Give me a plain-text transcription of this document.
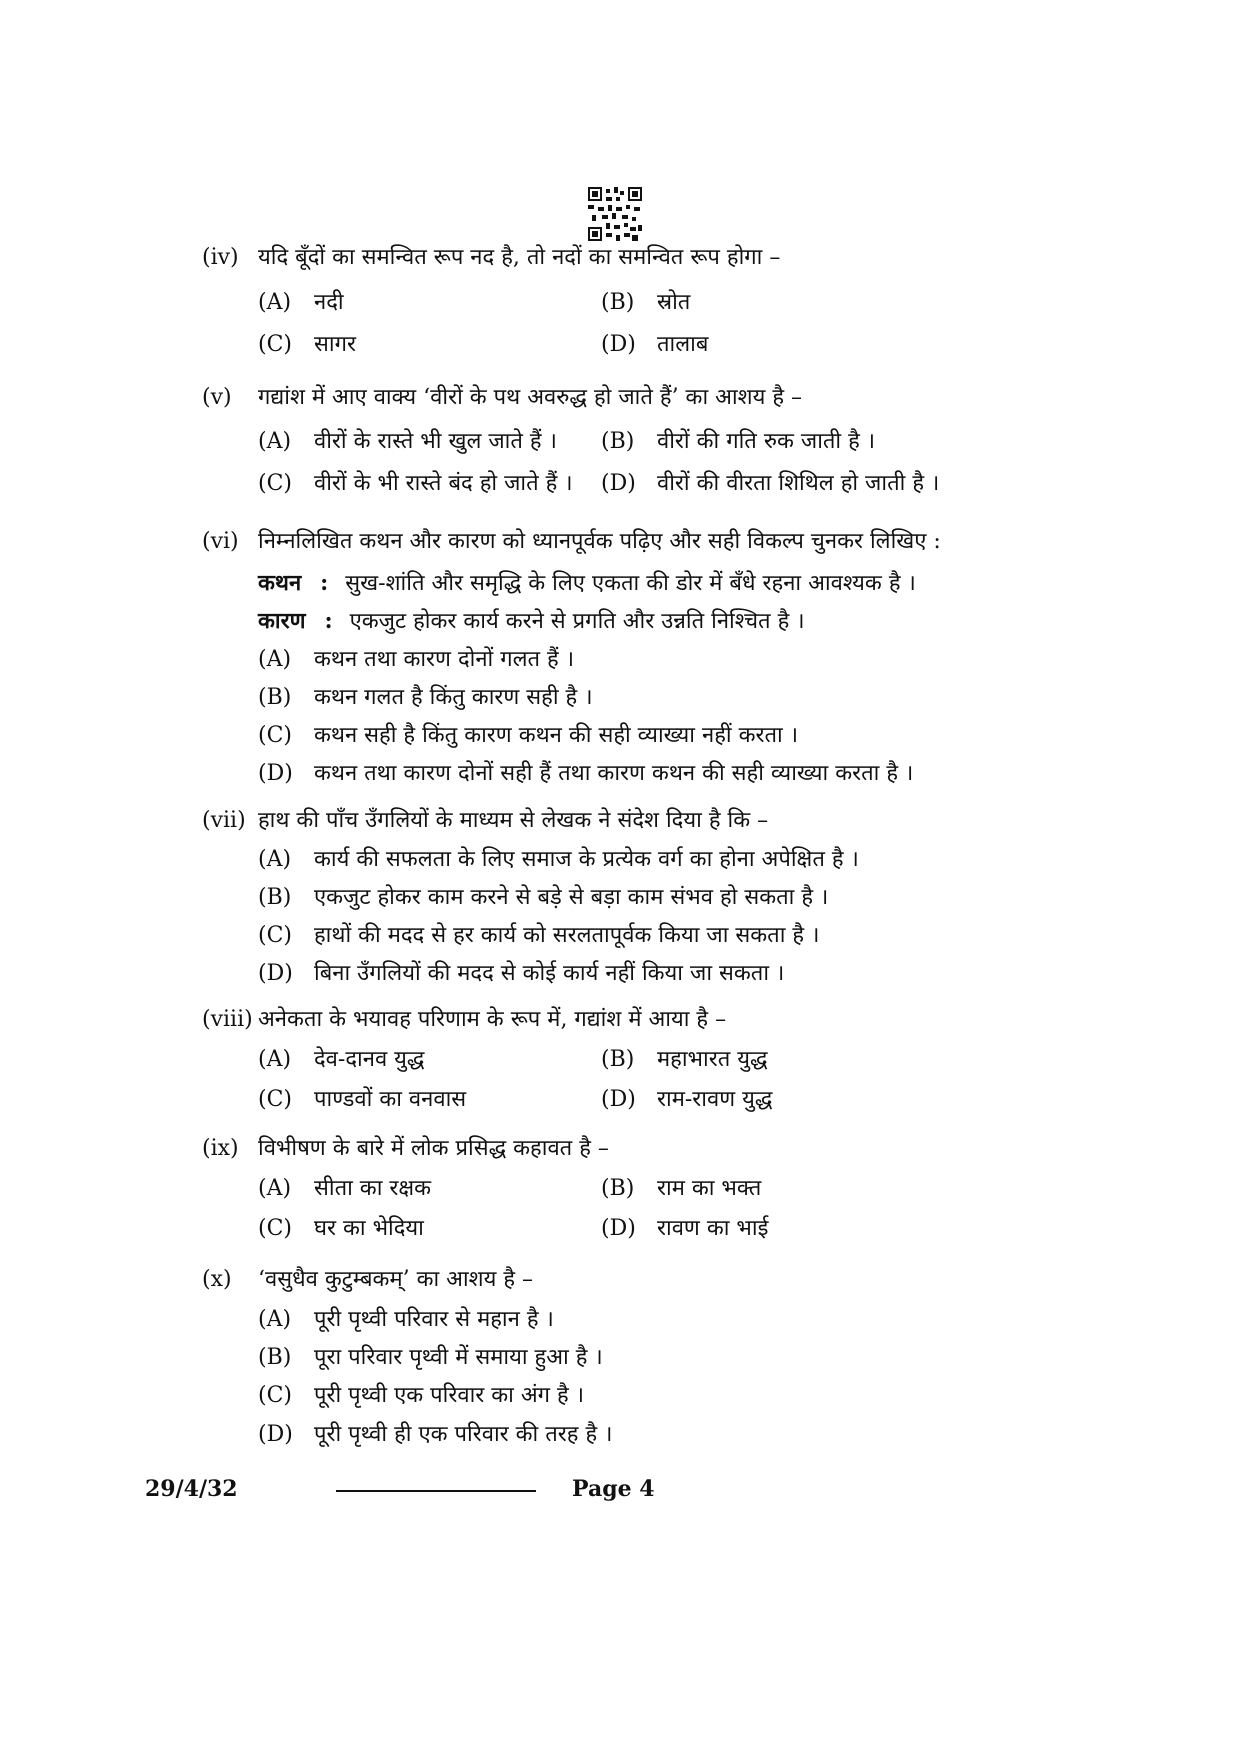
(iv) यदि बूँदों का समन्वित रूप नद है, तो नदों का समन्वित रूप होगा –
(A) नदी	(B) स्रोत
(C) सागर	(D) तालाब
(v)	गद्यांश में आए वाक्य ‘वीरों के पथ अवरुद्ध हो जाते हैं’ का आशय है –
(A) वीरों के रास्ते भी खुल जाते हैं । (B) वीरों की गति रुक जाती है ।
(C) वीरों के भी रास्ते बंद हो जाते हैं । (D) वीरों की वीरता शिथिल हो जाती है ।
(vi) निम्नलिखित कथन और कारण को ध्यानपूर्वक पढ़िए और सही विकल्प चुनकर लिखिए :
कथन : सुख-शांति और समृद्धि के लिए एकता की डोर में बँधे रहना आवश्यक है ।
कारण : एकजुट होकर कार्य करने से प्रगति और उन्नति निश्चित है ।
(A) कथन तथा कारण दोनों गलत हैं ।
(B) कथन गलत है किंतु कारण सही है ।
(C) कथन सही है किंतु कारण कथन की सही व्याख्या नहीं करता ।
(D) कथन तथा कारण दोनों सही हैं तथा कारण कथन की सही व्याख्या करता है ।
(vii) हाथ की पाँच उँगलियों के माध्यम से लेखक ने संदेश दिया है कि –
(A) कार्य की सफलता के लिए समाज के प्रत्येक वर्ग का होना अपेक्षित है ।
(B) एकजुट होकर काम करने से बड़े से बड़ा काम संभव हो सकता है ।
(C) हाथों की मदद से हर कार्य को सरलतापूर्वक किया जा सकता है ।
(D) बिना उँगलियों की मदद से कोई कार्य नहीं किया जा सकता ।
(viii) अनेकता के भयावह परिणाम के रूप में, गद्यांश में आया है –
(A) देव-दानव युद्ध	(B) महाभारत युद्ध
(C) पाण्डवों का वनवास	(D) राम-रावण युद्ध
(ix) विभीषण के बारे में लोक प्रसिद्ध कहावत है –
(A) सीता का रक्षक	(B) राम का भक्त
(C) घर का भेदिया	(D) रावण का भाई
(x)	‘वसुधैव कुटुम्बकम्’ का आशय है –
(A) पूरी पृथ्वी परिवार से महान है ।
(B) पूरा परिवार पृथ्वी में समाया हुआ है ।
(C) पूरी पृथ्वी एक परिवार का अंग है ।
(D) पूरी पृथ्वी ही एक परिवार की तरह है ।
29/4/32	Page 4
